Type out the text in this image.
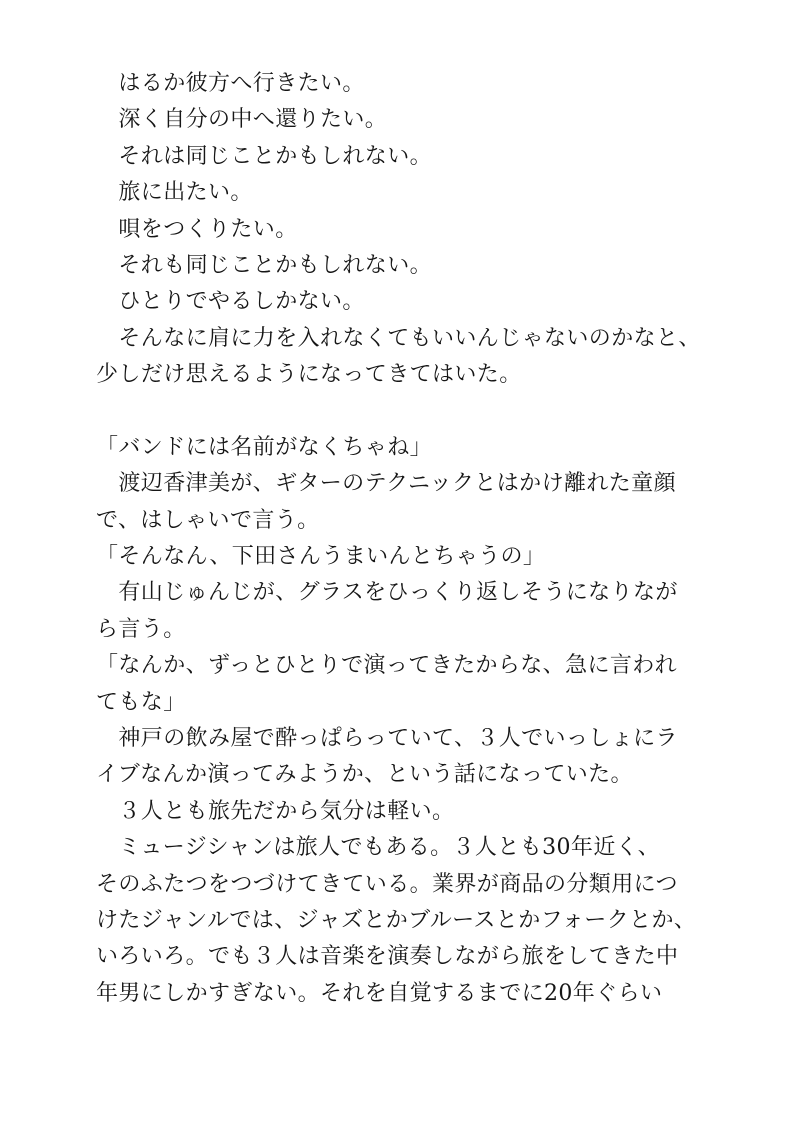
　はるか彼方へ行きたい。
　深く自分の中へ還りたい。
　それは同じことかもしれない。
　旅に出たい。
　唄をつくりたい。
　それも同じことかもしれない。
　ひとりでやるしかない。
　そんなに肩に力を入れなくてもいいんじゃないのかなと、
少しだけ思えるようになってきてはいた。
「バンドには名前がなくちゃね」
　渡辺香津美が、ギターのテクニックとはかけ離れた童顔
で、はしゃいで言う。
「そんなん、下田さんうまいんとちゃうの」
　有山じゅんじが、グラスをひっくり返しそうになりなが
ら言う。
「なんか、ずっとひとりで演ってきたからな、急に言われ
てもな」
　神戸の飲み屋で酔っぱらっていて、３人でいっしょにラ
イブなんか演ってみようか、という話になっていた。
　３人とも旅先だから気分は軽い。
　ミュージシャンは旅人でもある。３人とも30年近く、
そのふたつをつづけてきている。業界が商品の分類用につ
けたジャンルでは、ジャズとかブルースとかフォークとか、
いろいろ。でも３人は音楽を演奏しながら旅をしてきた中
年男にしかすぎない。それを自覚するまでに20年ぐらい
